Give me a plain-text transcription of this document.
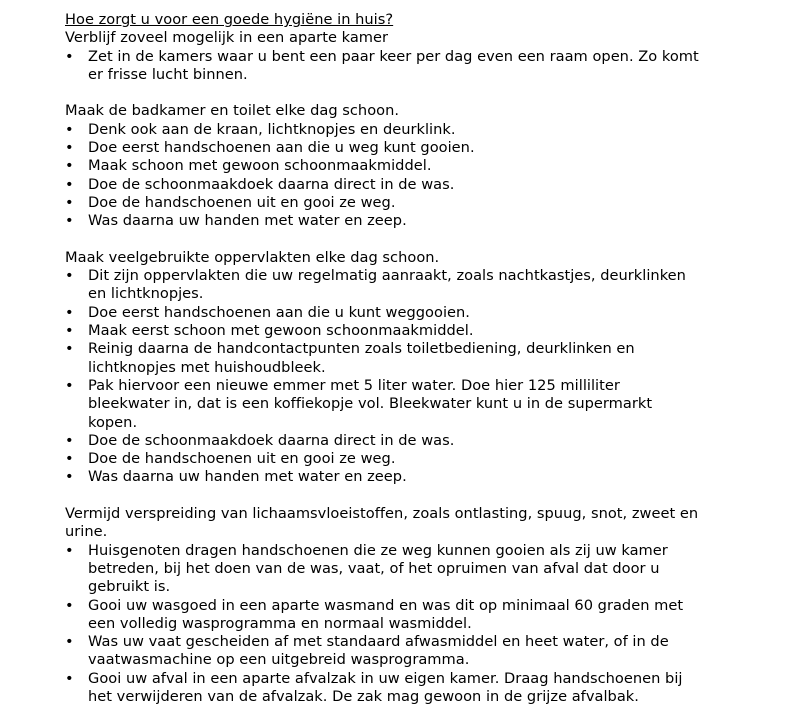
Hoe zorgt u voor een goede hygiëne in huis?

Verblijf zoveel mogelijk in een aparte kamer

• Zet in de kamers waar u bent een paar keer per dag even een raam open. Zo komt er frisse lucht binnen.

Maak de badkamer en toilet elke dag schoon.

• Denk ook aan de kraan, lichtknopjes en deurklink.
• Doe eerst handschoenen aan die u weg kunt gooien.
• Maak schoon met gewoon schoonmaakmiddel.
• Doe de schoonmaakdoek daarna direct in de was.
• Doe de handschoenen uit en gooi ze weg.
• Was daarna uw handen met water en zeep.

Maak veelgebruikte oppervlakten elke dag schoon.

• Dit zijn oppervlakten die uw regelmatig aanraakt, zoals nachtkastjes, deurklinken en lichtknopjes.
• Doe eerst handschoenen aan die u kunt weggooien.
• Maak eerst schoon met gewoon schoonmaakmiddel.
• Reinig daarna de handcontactpunten zoals toiletbediening, deurklinken en lichtknopjes met huishoudbleek.
• Pak hiervoor een nieuwe emmer met 5 liter water. Doe hier 125 milliliter bleekwater in, dat is een koffiekopje vol. Bleekwater kunt u in de supermarkt kopen.
• Doe de schoonmaakdoek daarna direct in de was.
• Doe de handschoenen uit en gooi ze weg.
• Was daarna uw handen met water en zeep.

Vermijd verspreiding van lichaamsvloeistoffen, zoals ontlasting, spuug, snot, zweet en urine.

• Huisgenoten dragen handschoenen die ze weg kunnen gooien als zij uw kamer betreden, bij het doen van de was, vaat, of het opruimen van afval dat door u gebruikt is.
• Gooi uw wasgoed in een aparte wasmand en was dit op minimaal 60 graden met een volledig wasprogramma en normaal wasmiddel.
• Was uw vaat gescheiden af met standaard afwasmiddel en heet water, of in de vaatwasmachine op een uitgebreid wasprogramma.
• Gooi uw afval in een aparte afvalzak in uw eigen kamer. Draag handschoenen bij het verwijderen van de afvalzak. De zak mag gewoon in de grijze afvalbak.
